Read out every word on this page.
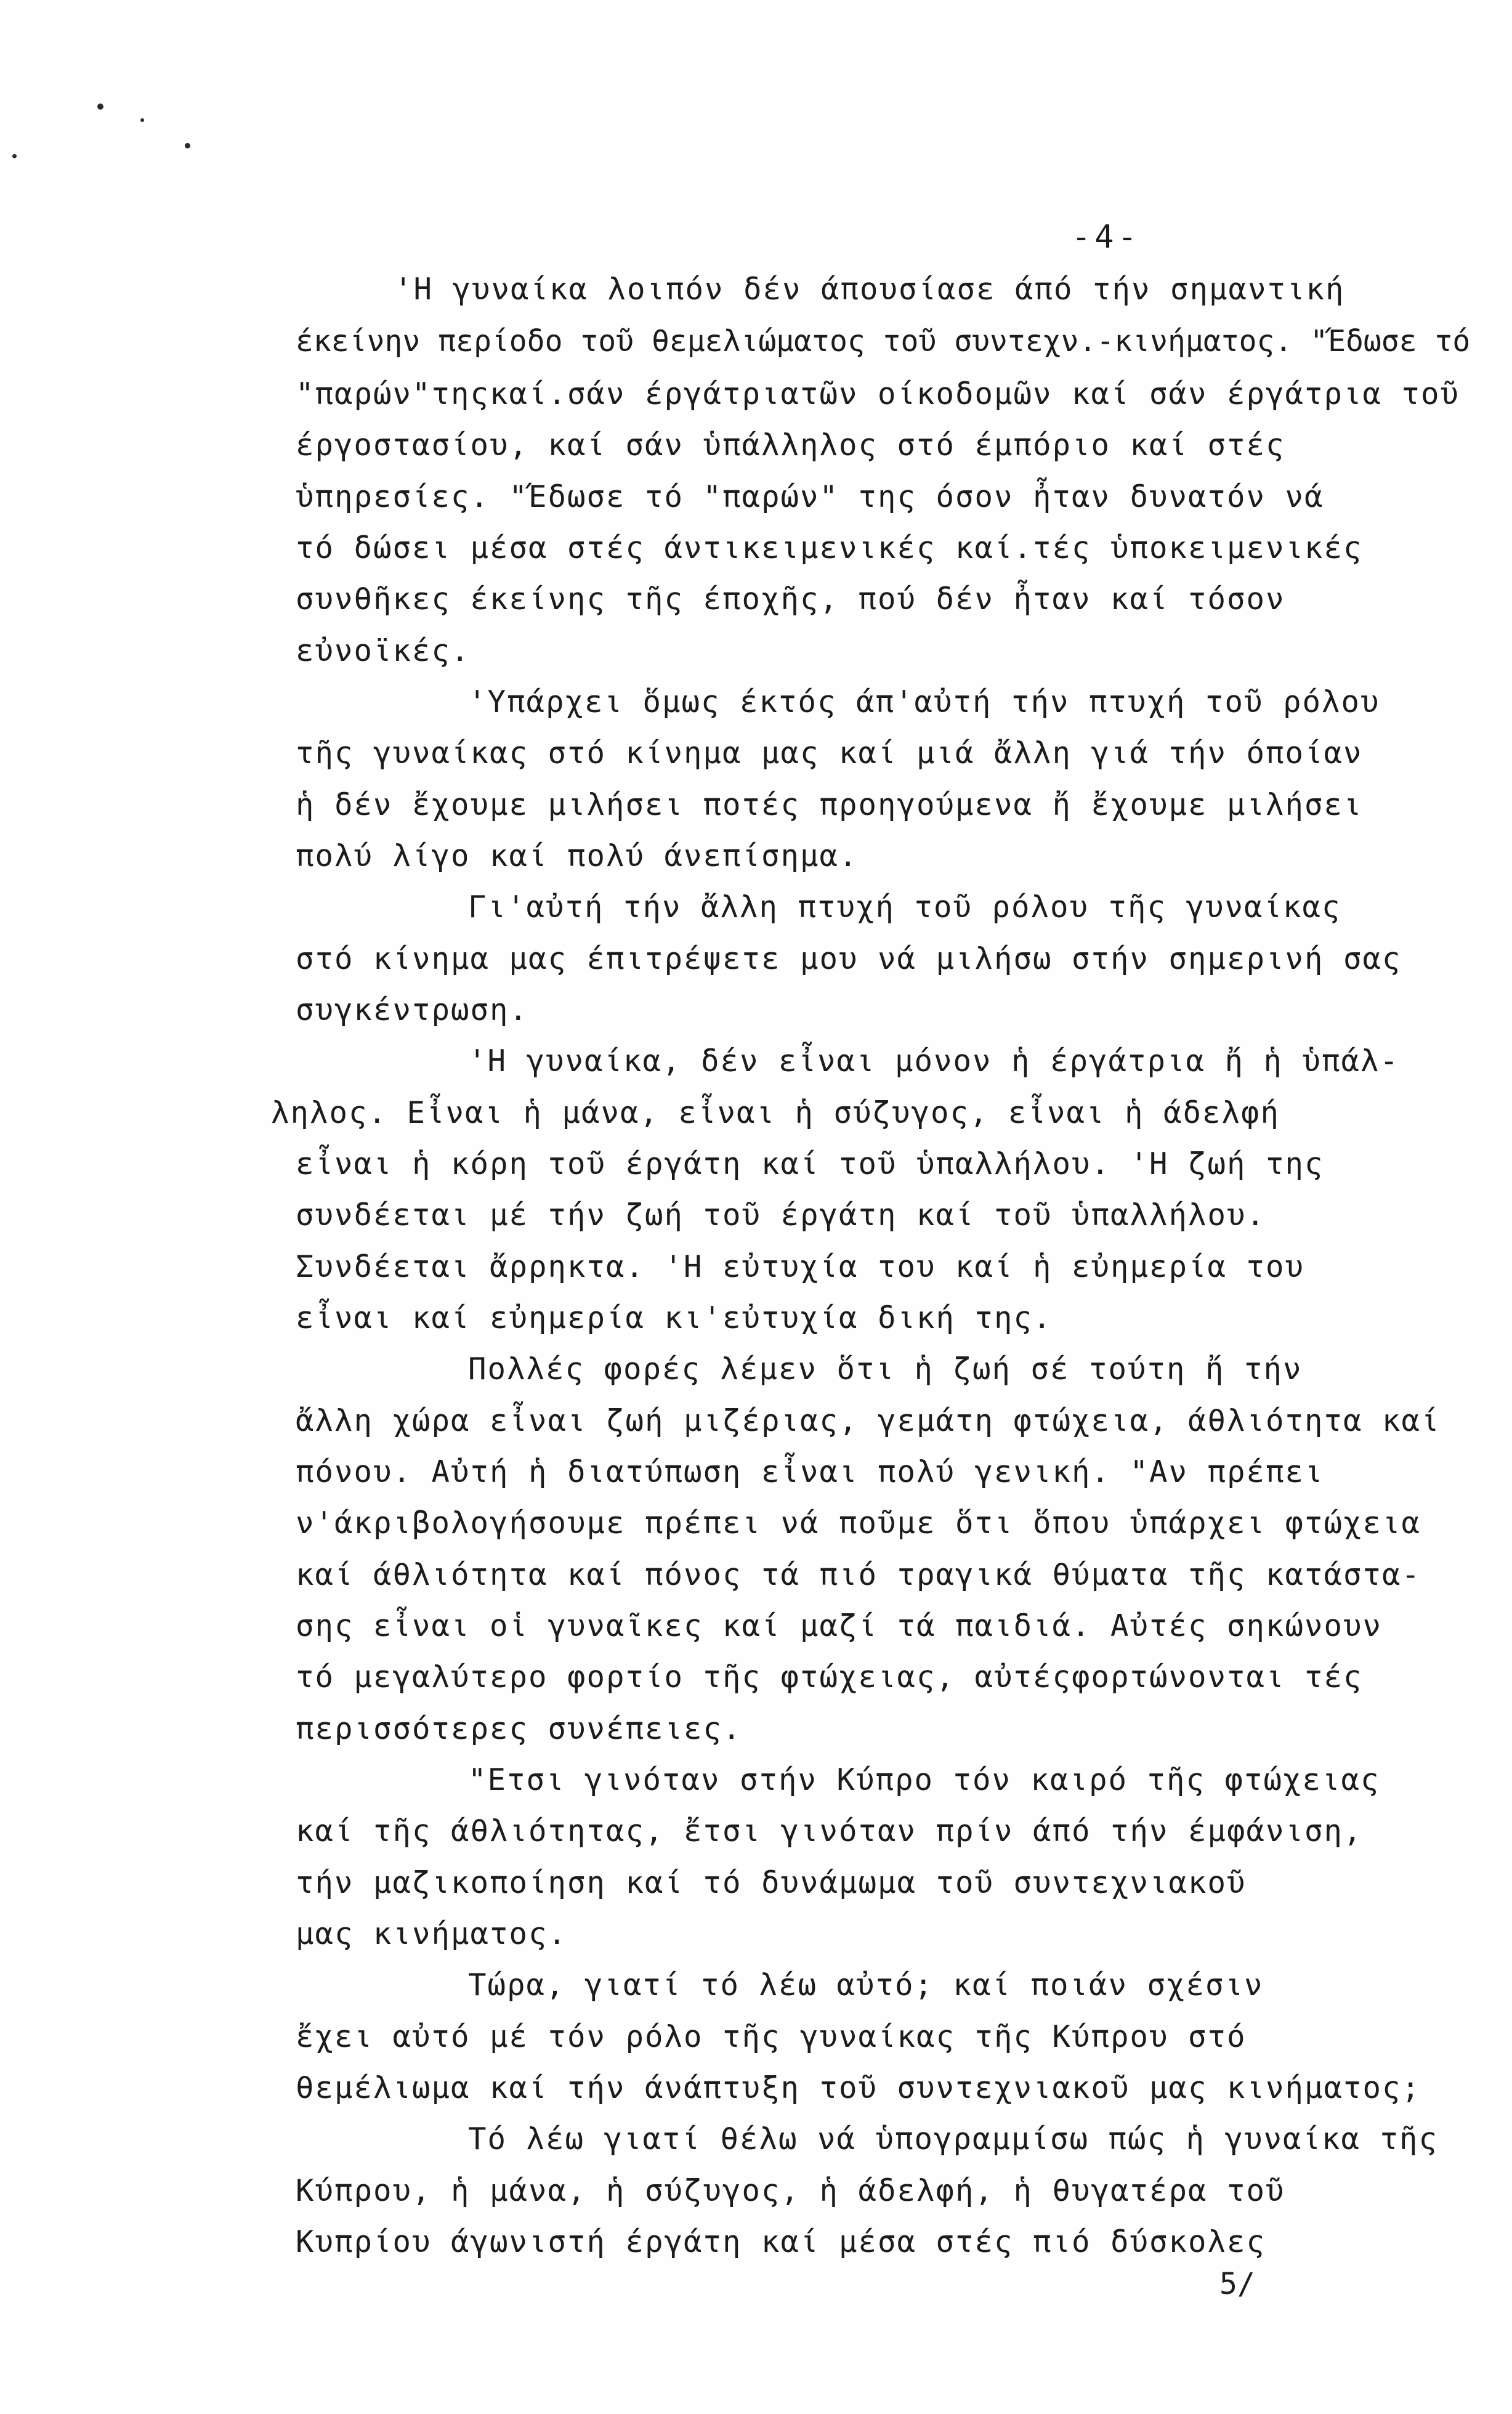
-4-
'Η γυναίκα λοιπόν δέν άπουσίασε άπό τήν σημαντική
έκείνην περίοδο τοῦ θεμελιώματος τοῦ συντεχν.-κινήματος. "Έδωσε τό
"παρών"τηςκαί.σάν έργάτριατῶν οίκοδομῶν καί σάν έργάτρια τοῦ
έργοστασίου, καί σάν ὑπάλληλος στό έμπόριο καί στές
ὑπηρεσίες. "Έδωσε τό "παρών" της όσον ἦταν δυνατόν νά
τό δώσει μέσα στές άντικειμενικές καί.τές ὑποκειμενικές
συνθῆκες έκείνης τῆς έποχῆς, πού δέν ἦταν καί τόσον
εὐνοϊκές.
'Υπάρχει ὅμως έκτός άπ'αὐτή τήν πτυχή τοῦ ρόλου
τῆς γυναίκας στό κίνημα μας καί μιά ἄλλη γιά τήν όποίαν
ἡ δέν ἔχουμε μιλήσει ποτές προηγούμενα ἤ ἔχουμε μιλήσει
πολύ λίγο καί πολύ άνεπίσημα.
Γι'αὐτή τήν ἄλλη πτυχή τοῦ ρόλου τῆς γυναίκας
στό κίνημα μας έπιτρέψετε μου νά μιλήσω στήν σημερινή σας
συγκέντρωση.
'Η γυναίκα, δέν εἶναι μόνον ἡ έργάτρια ἤ ἡ ὑπάλ-
ληλος. Εἶναι ἡ μάνα, εἶναι ἡ σύζυγος, εἶναι ἡ άδελφή
εἶναι ἡ κόρη τοῦ έργάτη καί τοῦ ὑπαλλήλου. 'Η ζωή της
συνδέεται μέ τήν ζωή τοῦ έργάτη καί τοῦ ὑπαλλήλου.
Συνδέεται ἄρρηκτα. 'Η εὐτυχία του καί ἡ εὐημερία του
εἶναι καί εὐημερία κι'εὐτυχία δική της.
Πολλές φορές λέμεν ὅτι ἡ ζωή σέ τούτη ἤ τήν
ἄλλη χώρα εἶναι ζωή μιζέριας, γεμάτη φτώχεια, άθλιότητα καί
πόνου. Αὐτή ἡ διατύπωση εἶναι πολύ γενική. "Αν πρέπει
ν'άκριβολογήσουμε πρέπει νά ποῦμε ὅτι ὅπου ὑπάρχει φτώχεια
καί άθλιότητα καί πόνος τά πιό τραγικά θύματα τῆς κατάστα-
σης εἶναι οἱ γυναῖκες καί μαζί τά παιδιά. Αὐτές σηκώνουν
τό μεγαλύτερο φορτίο τῆς φτώχειας, αὐτέςφορτώνονται τές
περισσότερες συνέπειες.
"Ετσι γινόταν στήν Κύπρο τόν καιρό τῆς φτώχειας
καί τῆς άθλιότητας, ἔτσι γινόταν πρίν άπό τήν έμφάνιση,
τήν μαζικοποίηση καί τό δυνάμωμα τοῦ συντεχνιακοῦ
μας κινήματος.
Τώρα, γιατί τό λέω αὐτό; καί ποιάν σχέσιν
ἔχει αὐτό μέ τόν ρόλο τῆς γυναίκας τῆς Κύπρου στό
θεμέλιωμα καί τήν άνάπτυξη τοῦ συντεχνιακοῦ μας κινήματος;
Τό λέω γιατί θέλω νά ὑπογραμμίσω πώς ἡ γυναίκα τῆς
Κύπρου, ἡ μάνα, ἡ σύζυγος, ἡ άδελφή, ἡ θυγατέρα τοῦ
Κυπρίου άγωνιστή έργάτη καί μέσα στές πιό δύσκολες
5/
